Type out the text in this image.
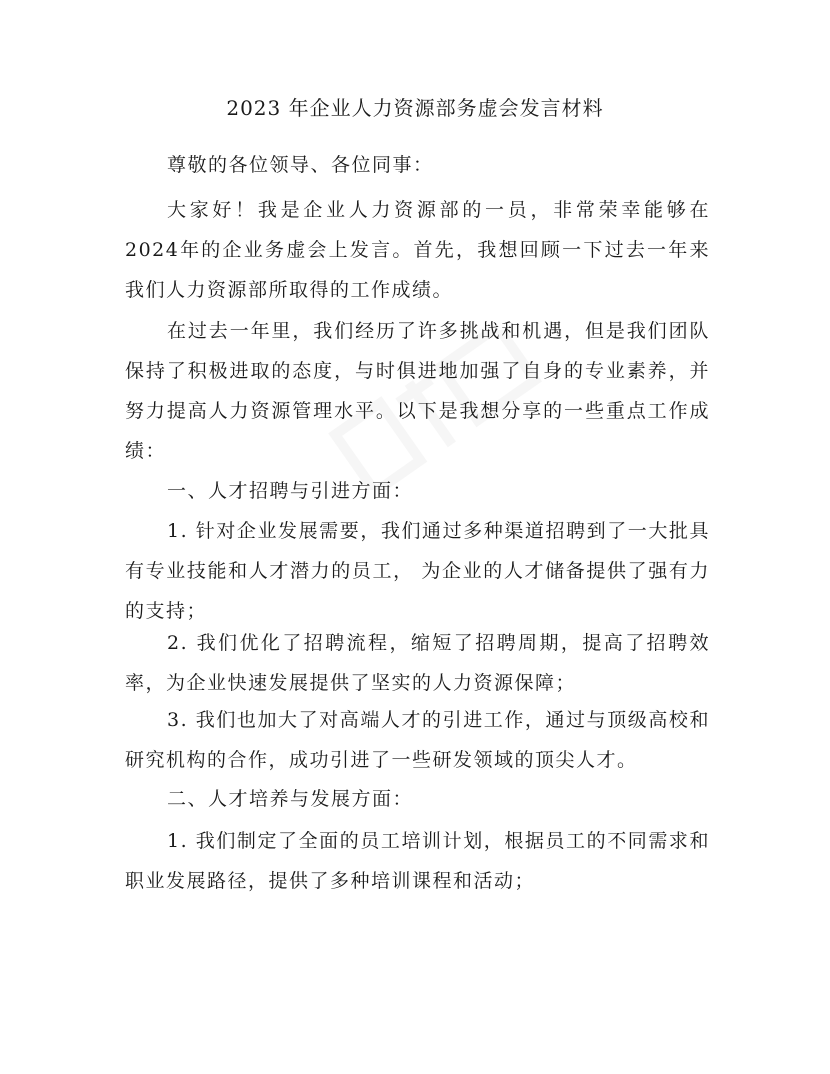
2023 年企业人力资源部务虚会发言材料

尊敬的各位领导、各位同事：

大家好！我是企业人力资源部的一员，非常荣幸能够在2024年的企业务虚会上发言。首先，我想回顾一下过去一年来我们人力资源部所取得的工作成绩。

在过去一年里，我们经历了许多挑战和机遇，但是我们团队保持了积极进取的态度，与时俱进地加强了自身的专业素养，并努力提高人力资源管理水平。以下是我想分享的一些重点工作成绩：

一、人才招聘与引进方面：

1. 针对企业发展需要，我们通过多种渠道招聘到了一大批具有专业技能和人才潜力的员工， 为企业的人才储备提供了强有力的支持；

2. 我们优化了招聘流程，缩短了招聘周期，提高了招聘效率，为企业快速发展提供了坚实的人力资源保障；

3. 我们也加大了对高端人才的引进工作，通过与顶级高校和研究机构的合作，成功引进了一些研发领域的顶尖人才。

二、人才培养与发展方面：

1. 我们制定了全面的员工培训计划，根据员工的不同需求和职业发展路径，提供了多种培训课程和活动；
